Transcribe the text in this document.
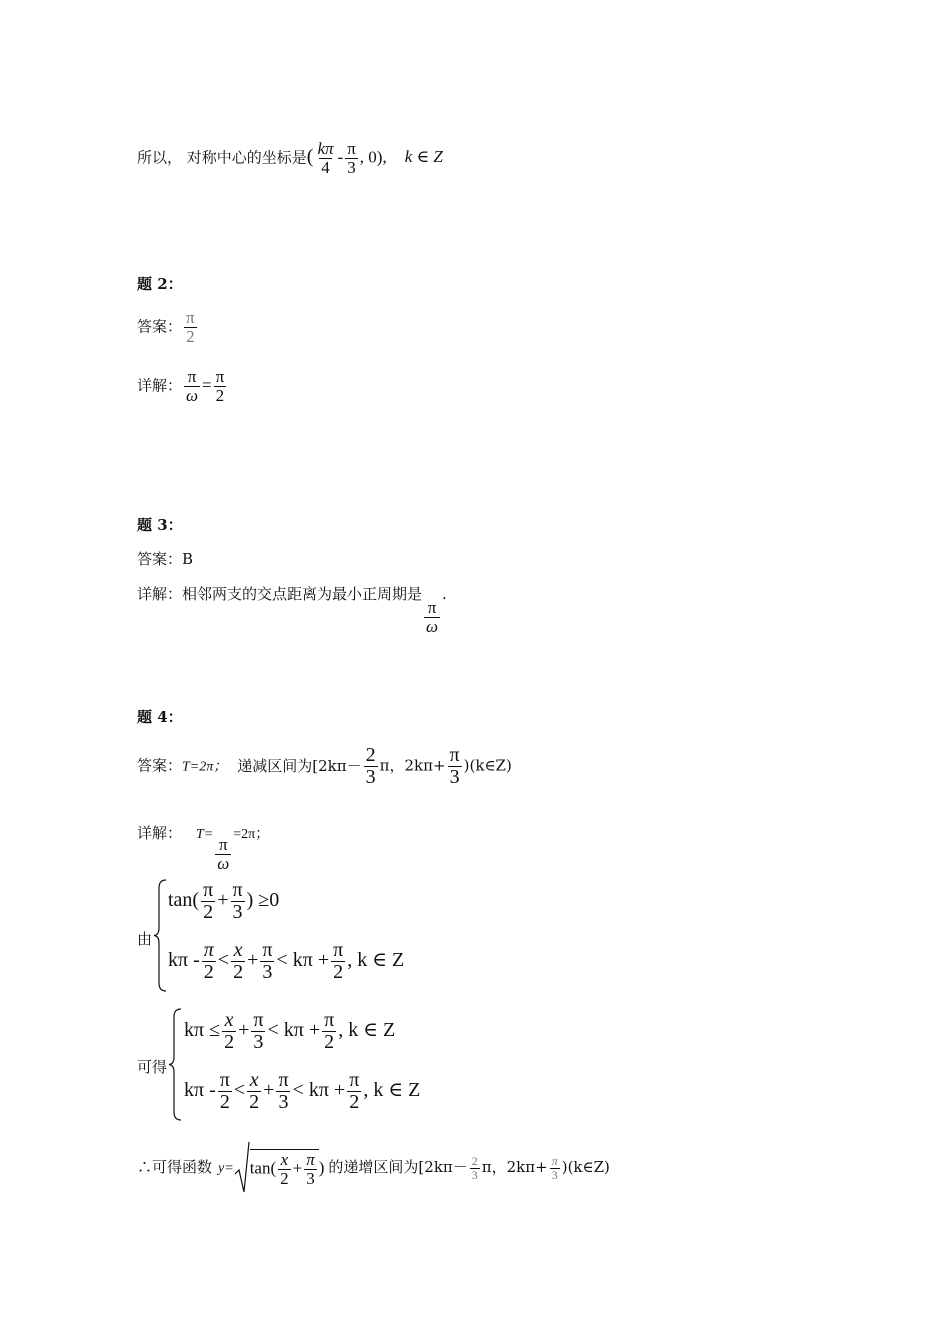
所以， 对称中心的坐标是( $\frac{k\pi}{4} - \frac{\pi}{3}$ , 0), k ∈ Z
题 2：
答案： $\frac{\pi}{2}$
详解： $\frac{\pi}{\omega} = \frac{\pi}{2}$
题 3：
答案：B
详解：相邻两支的交点距离为最小正周期是
$\frac{\pi}{\omega}$
.
题 4：
答案：T=2π； 递减区间为[$2k\pi- \frac{2}{3}$ π，$2k\pi+ \frac{\pi}{3}$ )(k∈Z)
详解： T=
$\frac{\pi}{\omega}$
=2π；
由
$\tan( \frac{\pi}{2} + \frac{\pi}{3}$ ) ≥0
$k\pi - \frac{\pi}{2} < \frac{x}{2} + \frac{\pi}{3} < k\pi + \frac{\pi}{2}$ , k ∈ Z
可得
$k\pi \le \frac{x}{2} + \frac{\pi}{3} < k\pi + \frac{\pi}{2}$ , k ∈ Z
$k\pi - \frac{\pi}{2} < \frac{x}{2} + \frac{\pi}{3} < k\pi + \frac{\pi}{2}$ , k ∈ Z
∴可得函数 $y= \tan( \frac{x}{2} + \frac{\pi}{3}$ ) 的递增区间为[$2k\pi- \frac{2}{3}$ π，$2k\pi+ \frac{\pi}{3}$ )(k∈Z)
